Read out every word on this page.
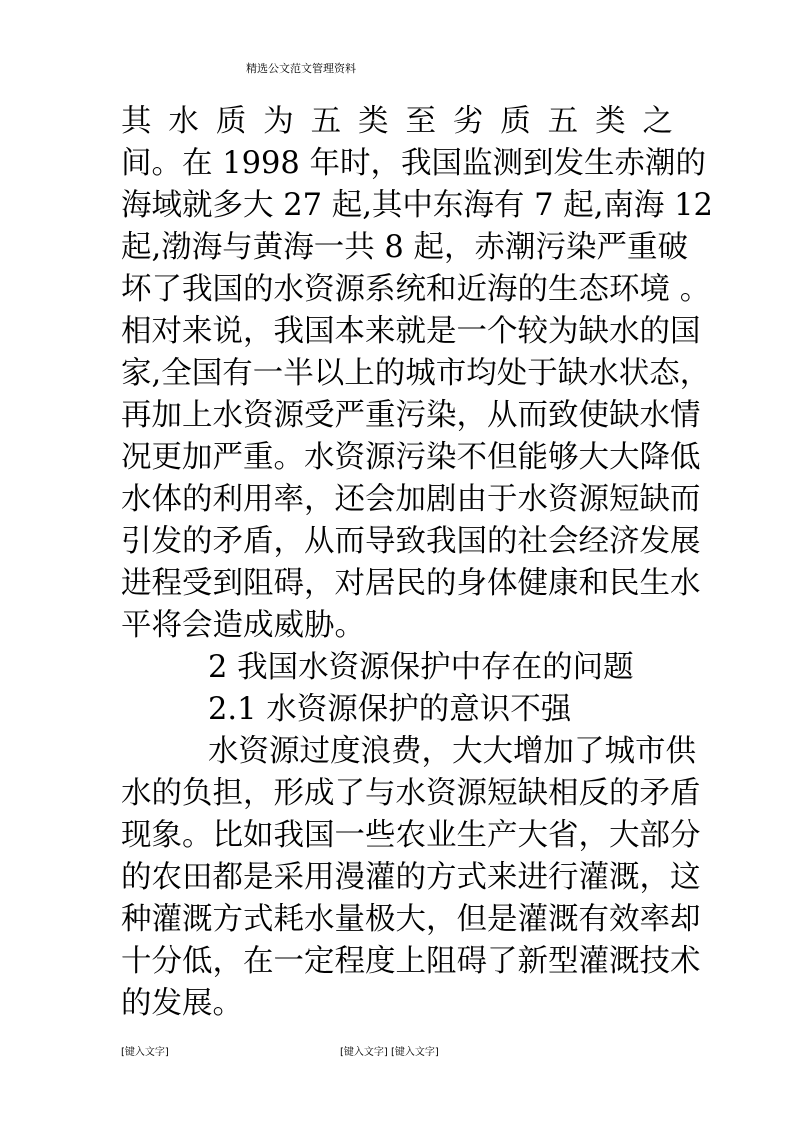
精选公文范文管理资料
其 水 质 为 五 类 至 劣 质 五 类 之
间。在 1998 年时，我国监测到发生赤潮的
海域就多大 27 起,其中东海有 7 起,南海 12
起,渤海与黄海一共 8 起，赤潮污染严重破
坏了我国的水资源系统和近海的生态环境 。
相对来说，我国本来就是一个较为缺水的国
家,全国有一半以上的城市均处于缺水状态，
再加上水资源受严重污染，从而致使缺水情
况更加严重。水资源污染不但能够大大降低
水体的利用率，还会加剧由于水资源短缺而
引发的矛盾，从而导致我国的社会经济发展
进程受到阻碍，对居民的身体健康和民生水
平将会造成威胁。
2 我国水资源保护中存在的问题
2.1 水资源保护的意识不强
水资源过度浪费，大大增加了城市供
水的负担，形成了与水资源短缺相反的矛盾
现象。比如我国一些农业生产大省，大部分
的农田都是采用漫灌的方式来进行灌溉，这
种灌溉方式耗水量极大，但是灌溉有效率却
十分低，在一定程度上阻碍了新型灌溉技术
的发展。
[键入文字]	[键入文字] [键入文字]
